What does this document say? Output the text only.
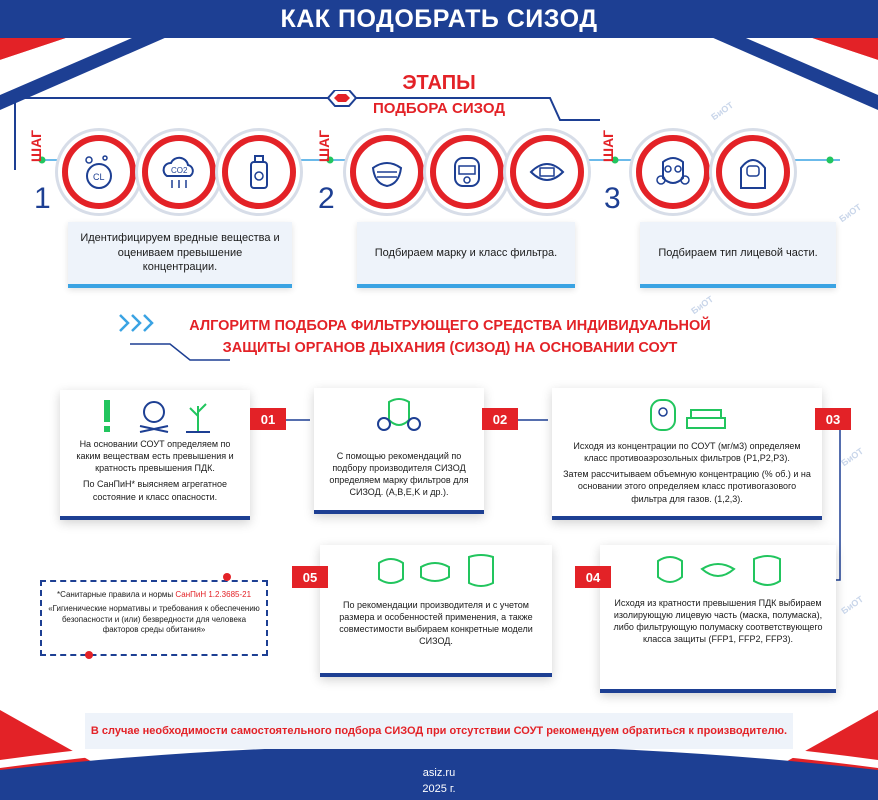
КАК ПОДОБРАТЬ СИЗОД
ЭТАПЫ
ПОДБОРА СИЗОД
ШАГ
1
ШАГ
2
ШАГ
3
CL
CO2
Идентифицируем вредные вещества и оцениваем превышение концентрации.
Подбираем марку и класс фильтра.	Подбираем тип лицевой части.
АЛГОРИТМ ПОДБОРА ФИЛЬТРУЮЩЕГО СРЕДСТВА ИНДИВИДУАЛЬНОЙ
ЗАЩИТЫ ОРГАНОВ ДЫХАНИЯ (СИЗОД) НА ОСНОВАНИИ СОУТ

На основании СОУТ определяем по каким веществам есть превышения и кратность превышения ПДК.

По СанПиН* выясняем агрегатное состояние и класс опасности.

01

С помощью рекомендаций по подбору производителя СИЗОД определяем марку фильтров для СИЗОД. (A,B,E,K и др.).

02

Исходя из концентрации по СОУТ (мг/м3) определяем класс противоаэрозольных фильтров (P1,P2,P3).

Затем рассчитываем объемную концентрацию (% об.) и на основании этого определяем класс противогазового фильтра для газов. (1,2,3).

03

Исходя из кратности превышения ПДК выбираем изолирующую лицевую часть (маска, полумаска), либо фильтрующую полумаску соответствующего класса защиты (FFP1, FFP2, FFP3).

04

По рекомендации производителя и с учетом размера и особенностей применения, а также совместимости выбираем конкретные модели СИЗОД.

05
*Санитарные правила и нормы СанПиН 1.2.3685-21
«Гигиенические нормативы и требования к обеспечению безопасности и (или) безвредности для человека факторов среды обитания»
В случае необходимости самостоятельного подбора СИЗОД при отсутствии СОУТ рекомендуем обратиться к производителю.
asiz.ru
2025 г.
БиОТ
БиОТ
БиОТ
БиОТ
БиОТ
